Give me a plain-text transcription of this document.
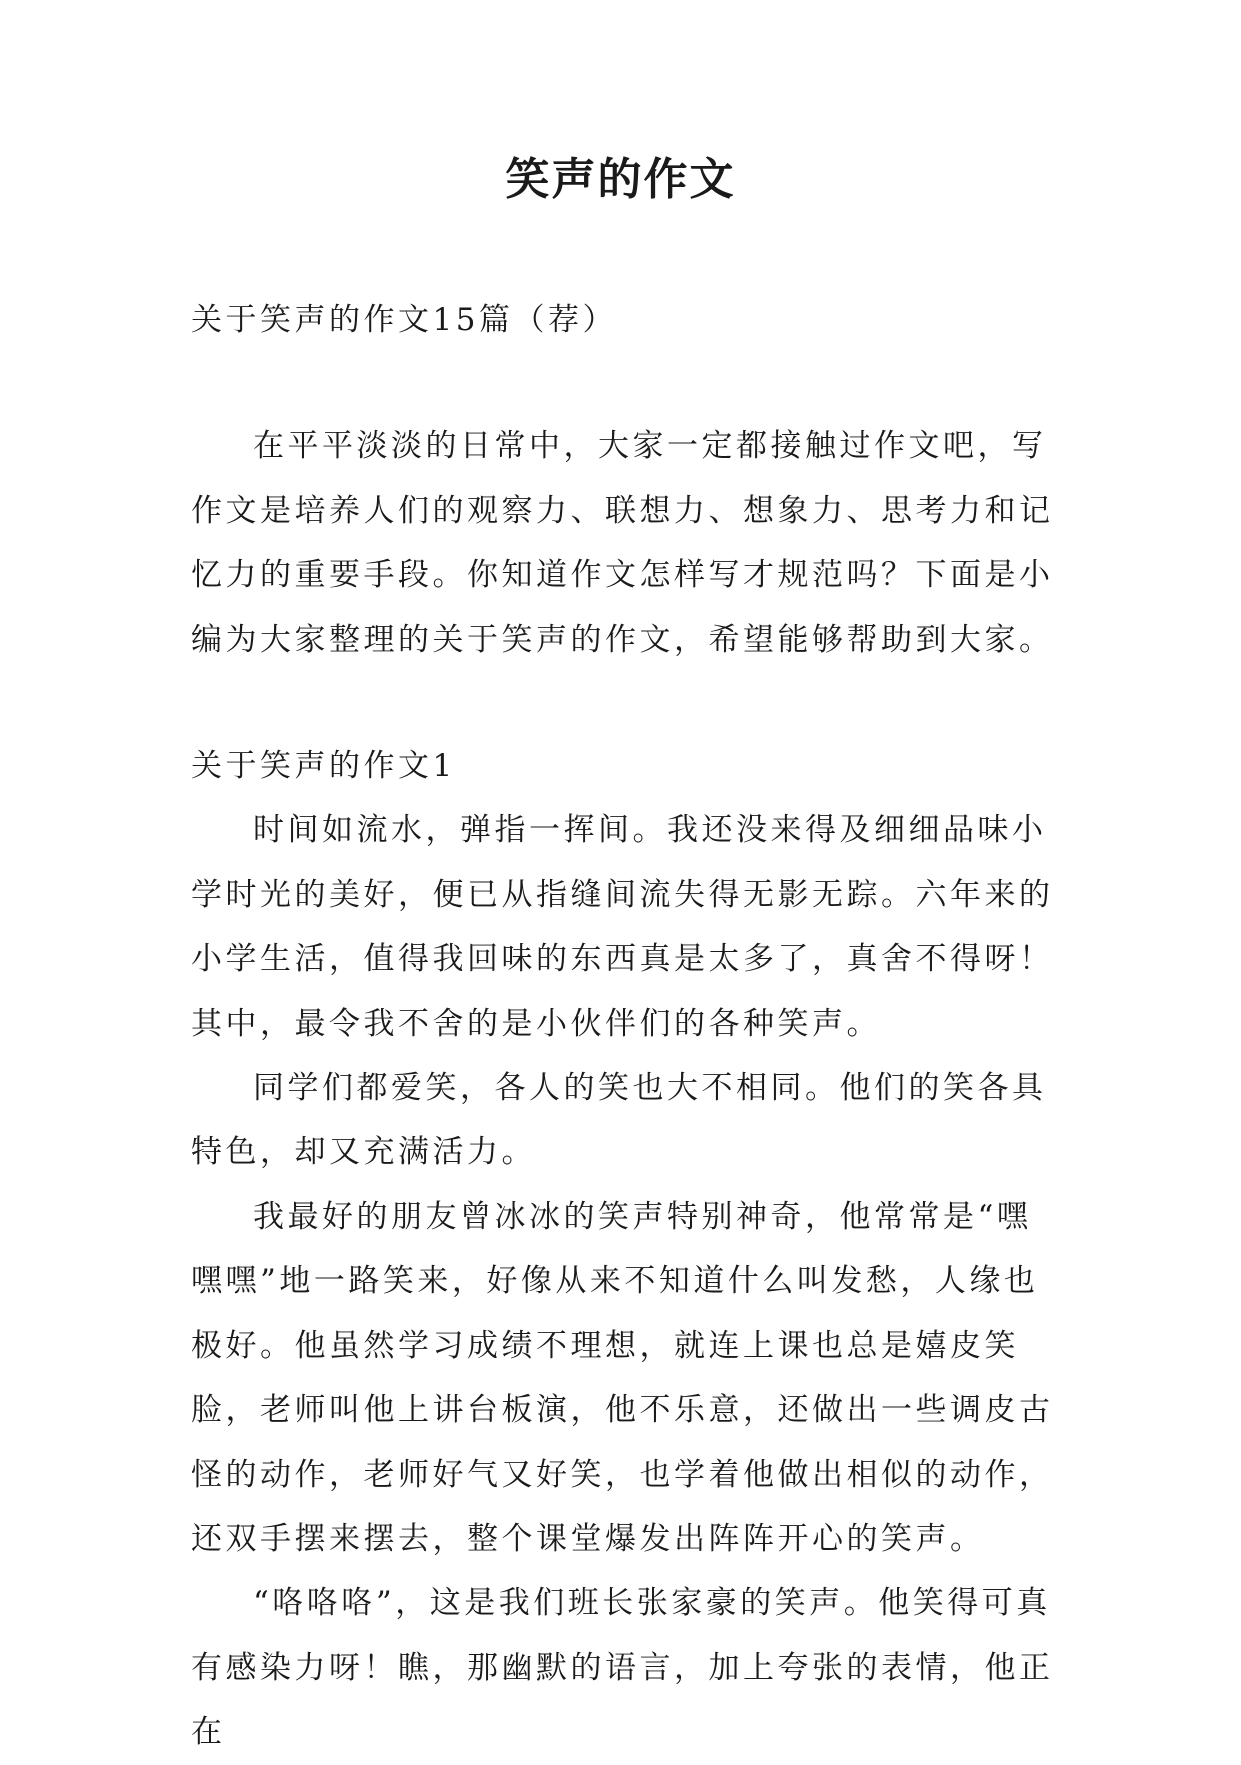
笑声的作文

关于笑声的作文15篇（荐）

在平平淡淡的日常中，大家一定都接触过作文吧，写作文是培养人们的观察力、联想力、想象力、思考力和记忆力的重要手段。你知道作文怎样写才规范吗？下面是小编为大家整理的关于笑声的作文，希望能够帮助到大家。

关于笑声的作文1

时间如流水，弹指一挥间。我还没来得及细细品味小学时光的美好，便已从指缝间流失得无影无踪。六年来的小学生活，值得我回味的东西真是太多了，真舍不得呀！其中，最令我不舍的是小伙伴们的各种笑声。

同学们都爱笑，各人的笑也大不相同。他们的笑各具特色，却又充满活力。

我最好的朋友曾冰冰的笑声特别神奇，他常常是“嘿嘿嘿”地一路笑来，好像从来不知道什么叫发愁，人缘也极好。他虽然学习成绩不理想，就连上课也总是嬉皮笑脸，老师叫他上讲台板演，他不乐意，还做出一些调皮古怪的动作，老师好气又好笑，也学着他做出相似的动作，还双手摆来摆去，整个课堂爆发出阵阵开心的笑声。

“咯咯咯”，这是我们班长张家豪的笑声。他笑得可真有感染力呀！瞧，那幽默的语言，加上夸张的表情，他正在
